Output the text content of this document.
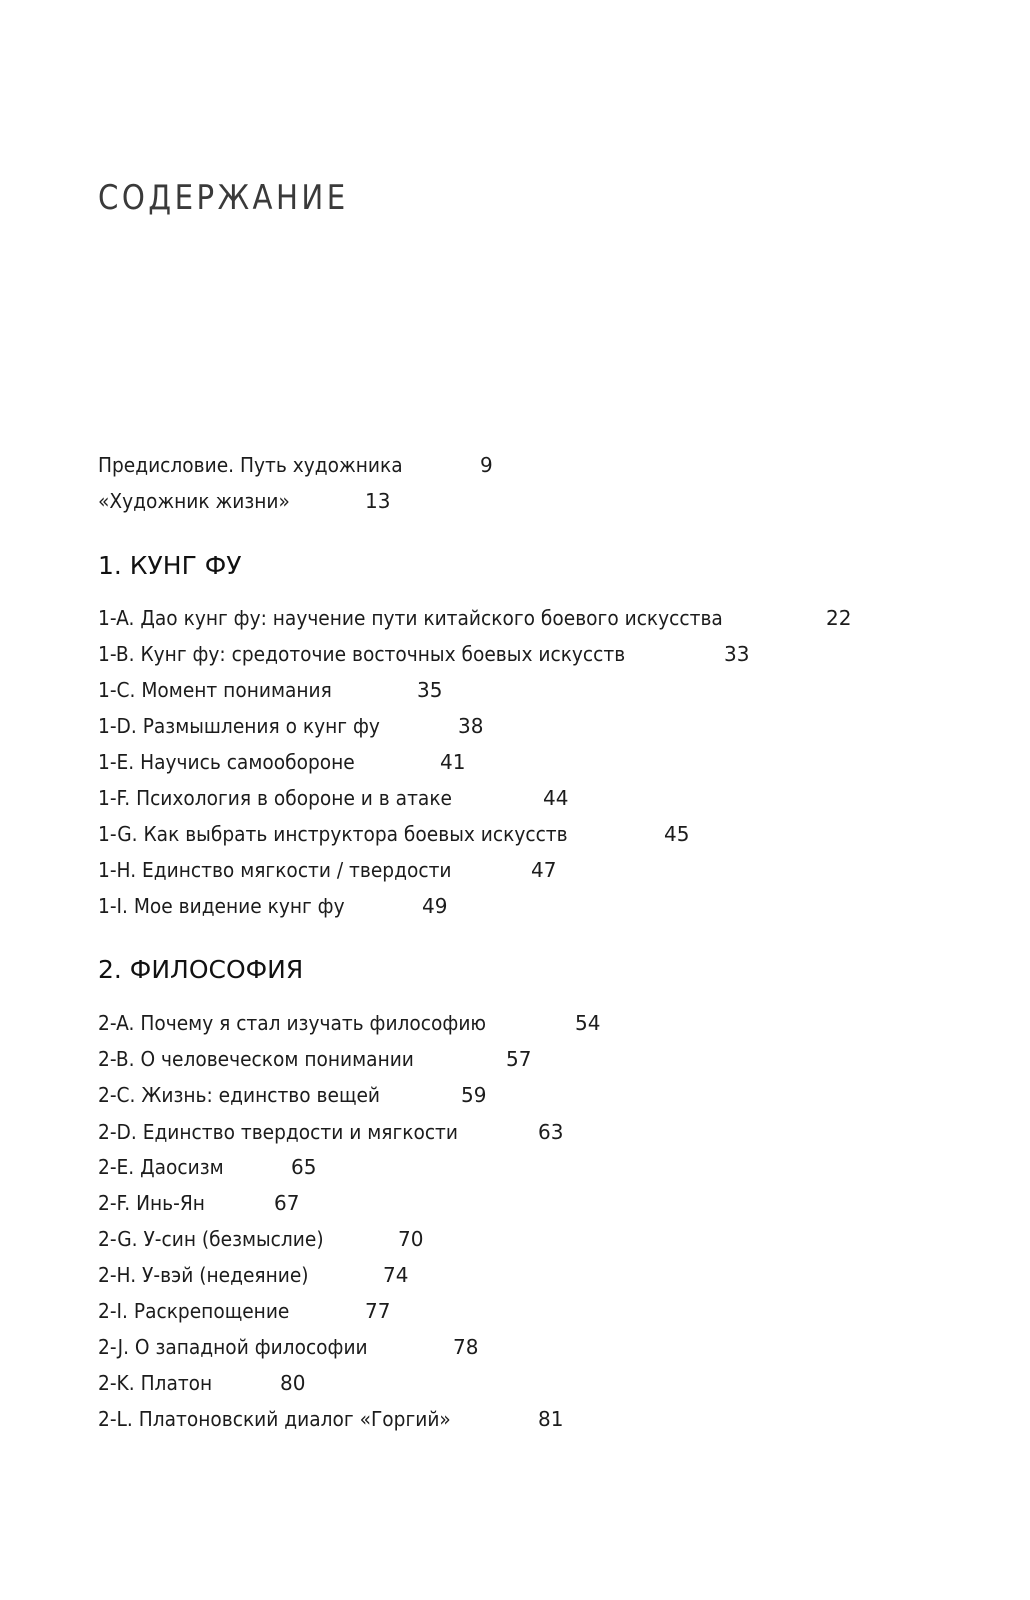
СОДЕРЖАНИЕ
Предисловие. Путь художника	9
«Художник жизни»	13
1. КУНГ ФУ
1-A. Дао кунг фу: научение пути китайского боевого искусства	22
1-B. Кунг фу: средоточие восточных боевых искусств	33
1-C. Момент понимания	35
1-D. Размышления о кунг фу	38
1-E. Научись самообороне	41
1-F. Психология в обороне и в атаке	44
1-G. Как выбрать инструктора боевых искусств	45
1-H. Единство мягкости / твердости	47
1-I. Мое видение кунг фу	49
2. ФИЛОСОФИЯ
2-A. Почему я стал изучать философию	54
2-B. О человеческом понимании	57
2-C. Жизнь: единство вещей	59
2-D. Единство твердости и мягкости	63
2-E. Даосизм	65
2-F. Инь-Ян	67
2-G. У-син (безмыслие)	70
2-H. У-вэй (недеяние)	74
2-I. Раскрепощение	77
2-J. О западной философии	78
2-K. Платон	80
2-L. Платоновский диалог «Горгий»	81
